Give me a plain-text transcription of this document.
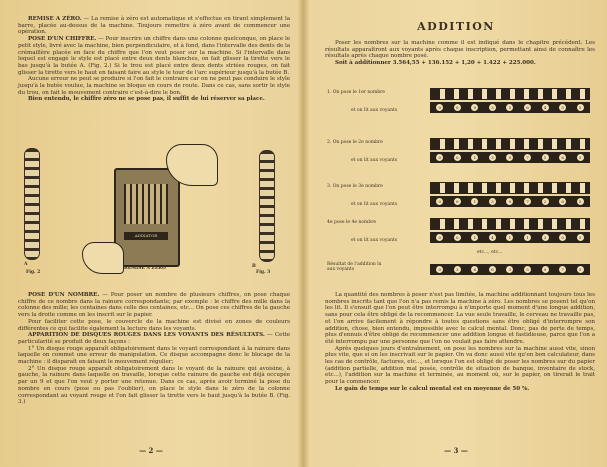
REMISE A ZÉRO. — La remise à zéro est automatique et s'effectue en tirant simplement la barre, placée au-dessus de la machine. Toujours remettre à zéro avant de commencer une opération.

POSE D'UN CHIFFRE. — Pour inscrire un chiffre dans une colonne quelconque, on place le petit style, livré avec la machine, bien perpendiculaire, et à fond, dans l'intervalle des dents de la crémaillère placée en face du chiffre que l'on veut poser sur la machine. Si l'intervalle dans lequel est engagé le style est placé entre deux dents blanches, on fait glisser la tirette vers le bas jusqu'à la butée A. (Fig. 2.) Si le trou est placé entre deux dents striées rouges, on fait glisser la tirette vers le haut en faisant faire au style le tour de l'arc supérieur jusqu'à la butée B.

Aucune erreur ne peut se produire si l'on fait le contraire car on ne peut pas conduire le style jusqu'à la butée voulue, la machine se bloque en cours de route. Dans ce cas, sans sortir le style du trou, on fait le mouvement contraire c'est-à-dire le bon.

Bien entendu, le chiffre zéro ne se pose pas, il suffit de lui réserver sa place.

A
Fig. 2
ADDIATOR
REMISE A ZÉRO	B
Fig. 3

POSE D'UN NOMBRE. — Pour poser un nombre de plusieurs chiffres, on pose chaque chiffre de ce nombre dans la rainure correspondante; par exemple : le chiffre des mille dans la colonne des mille; les centaines dans celle des centaines, etc... On pose ces chiffres de la gauche vers la droite comme on les inscrit sur le papier.

Pour faciliter cette pose, le couvercle de la machine est divisé en zones de couleurs différentes ce qui facilite également la lecture dans les voyants.

APPARITION DE DISQUES ROUGES DANS LES VOYANTS DES RÉSULTATS. — Cette particularité se produit de deux façons :

1° Un disque rouge apparaît obligatoirement dans le voyant correspondant à la rainure dans laquelle on commet une erreur de manipulation. Ce disque accompagne donc le blocage de la machine : il disparaît en faisant le mouvement régulier;

2° Un disque rouge apparaît obligatoirement dans le voyant de la rainure qui avoisine, à gauche, la rainure dans laquelle on travaille, lorsque cette rainure de gauche est déjà occupée par un 9 et que l'on veut y porter une retenue. Dans ce cas, après avoir terminé la pose du nombre en cours (pose ou pas l'oublier), on place le style dans le zéro de la colonne correspondant au voyant rouge et l'on fait glisser la tirette vers le haut jusqu'à la butée B. (Fig. 3.)

— 2 —
ADDITION

Poser les nombres sur la machine comme il est indiqué dans le chapitre précédent. Les résultats apparaîtront aux voyants après chaque inscription, permettant ainsi de connaître les résultats après chaque nombre posé.

Soit à additionner 3.564,55 + 136.152 + 1,20 + 1.422 + 225.000.

1. On pose le 1er nombre
et on lit aux voyants
0	0	0	3	5	6	4	5	5
2. On pose le 2e nombre
et on lit aux voyants
0	0	1	3	9	7	1	6	5
3. On pose le 3e nombre
et on lit aux voyants
0	0	1	3	9	7	2	8	5
4e pose le 4e nombre
et on lit aux voyants
0	0	1	4	1	1	3	0	5
etc..., etc...
Résultat de l'addition lu aux voyants	0	3	6	6	3	5	9	7	5

La quantité des nombres à poser n'est pas limitée, la machine additionnant toujours tous les nombres inscrits tant que l'on n'a pas remis la machine à zéro. Les nombres se posent tel qu'on les lit. Il s'ensuit que l'on peut être interrompu à n'importe quel moment d'une longue addition, sans pour cela être obligé de la recommencer. La vue seule travaille, le cerveau ne travaille pas, et l'on arrive facilement à répondre à toutes questions sans être obligé d'interrompre son addition, chose, bien entendu, impossible avec le calcul mental. Donc, pas de perte de temps, plus d'ennuis d'être obligé de recommencer une addition longue et fastidieuse, parce que l'on a été interrompu par une personne que l'on ne voulait pas faire attendre.

Après quelques jours d'entraînement, on pose les nombres sur la machine aussi vite, sinon plus vite, que si on les inscrivait sur le papier. On va donc aussi vite qu'en bon calculateur, dans les cas de contrôle, factures, etc..., et lorsque l'on est obligé de poser les nombres sur du papier (addition partielle, addition mal posée, contrôle de situation de banque, inventaire de stock, etc...), l'addition sur la machine et terminée, au moment où, sur le papier, on tirerait le trait pour la commencer.

Le gain de temps sur le calcul mental est en moyenne de 50 %.

— 3 —
